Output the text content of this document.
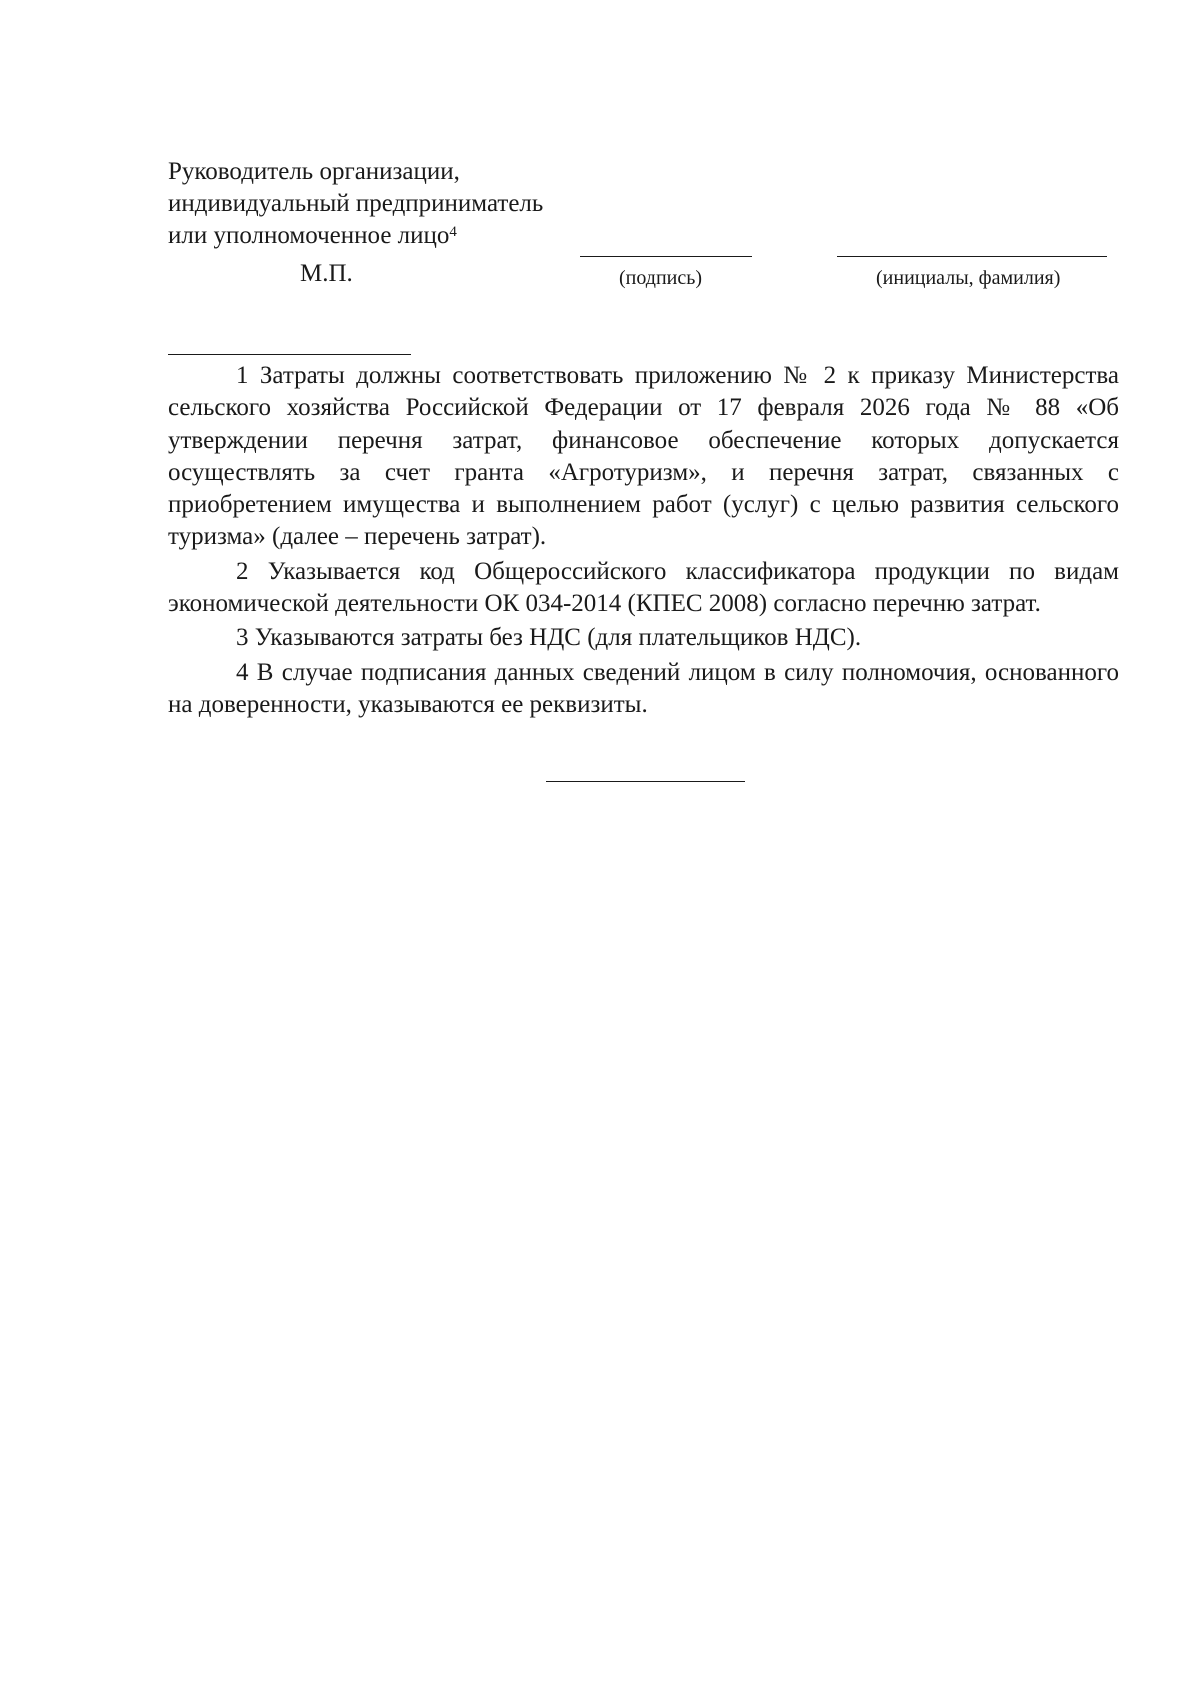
Руководитель организации,
индивидуальный предприниматель
или уполномоченное лицо$^4$
М.П.	(подпись)	(инициалы, фамилия)

1 Затраты должны соответствовать приложению № 2 к приказу Министерства сельского хозяйства Российской Федерации от 17 февраля 2026 года № 88 «Об утверждении перечня затрат, финансовое обеспечение которых допускается осуществлять за счет гранта «Агротуризм», и перечня затрат, связанных с приобретением имущества и выполнением работ (услуг) с целью развития сельского туризма» (далее – перечень затрат).

2 Указывается код Общероссийского классификатора продукции по видам экономической деятельности ОК 034-2014 (КПЕС 2008) согласно перечню затрат.

3 Указываются затраты без НДС (для плательщиков НДС).

4 В случае подписания данных сведений лицом в силу полномочия, основанного на доверенности, указываются ее реквизиты.
